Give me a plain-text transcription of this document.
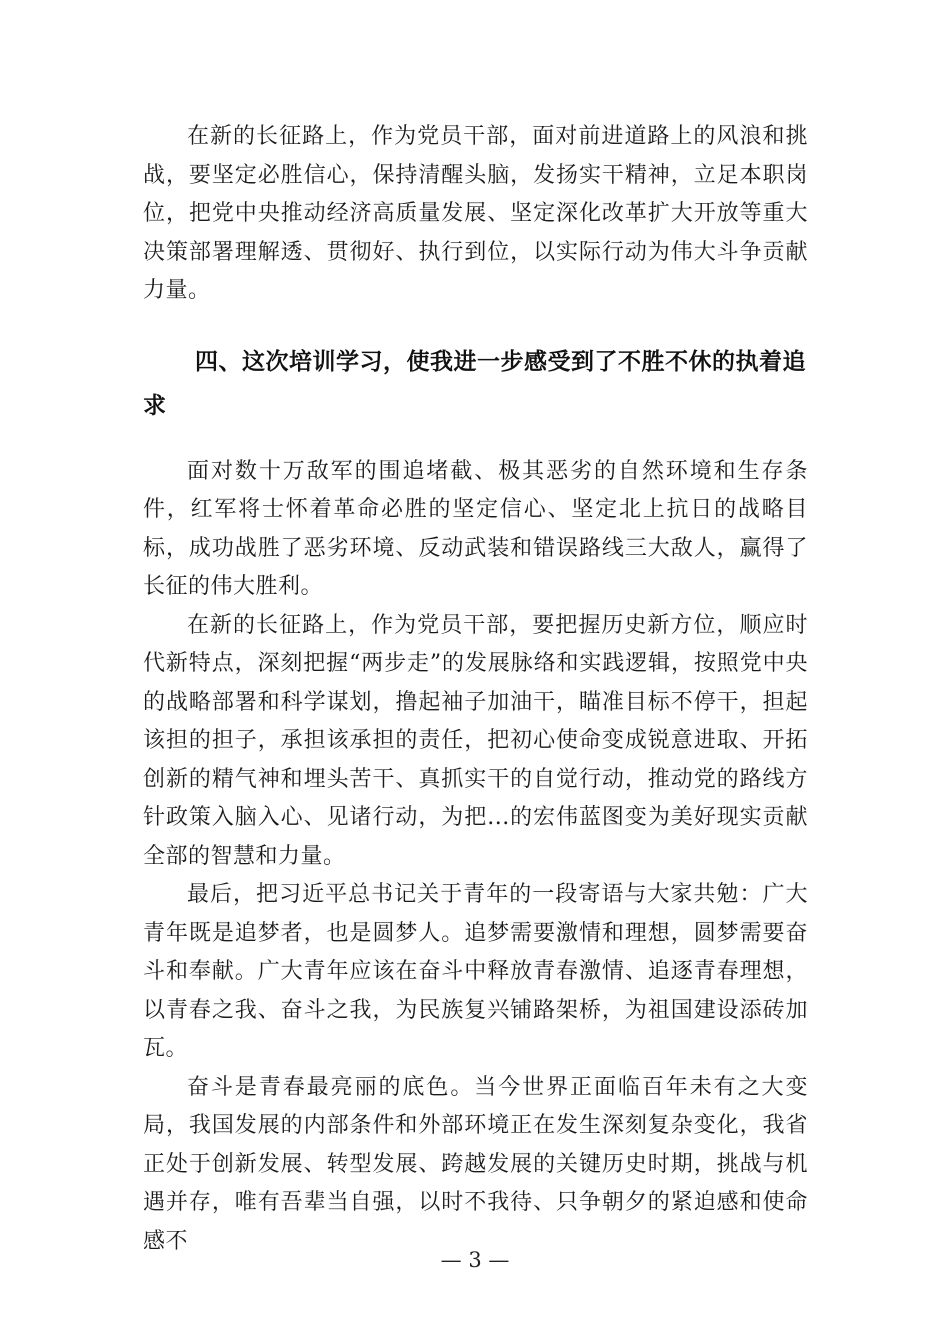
在新的长征路上，作为党员干部，面对前进道路上的风浪和挑战，要坚定必胜信心，保持清醒头脑，发扬实干精神，立足本职岗位，把党中央推动经济高质量发展、坚定深化改革扩大开放等重大决策部署理解透、贯彻好、执行到位，以实际行动为伟大斗争贡献力量。

四、这次培训学习，使我进一步感受到了不胜不休的执着追求

面对数十万敌军的围追堵截、极其恶劣的自然环境和生存条件，红军将士怀着革命必胜的坚定信心、坚定北上抗日的战略目标，成功战胜了恶劣环境、反动武装和错误路线三大敌人，赢得了长征的伟大胜利。

在新的长征路上，作为党员干部，要把握历史新方位，顺应时代新特点，深刻把握“两步走”的发展脉络和实践逻辑，按照党中央的战略部署和科学谋划，撸起袖子加油干，瞄准目标不停干，担起该担的担子，承担该承担的责任，把初心使命变成锐意进取、开拓创新的精气神和埋头苦干、真抓实干的自觉行动，推动党的路线方针政策入脑入心、见诸行动，为把...的宏伟蓝图变为美好现实贡献全部的智慧和力量。

最后，把习近平总书记关于青年的一段寄语与大家共勉：广大青年既是追梦者，也是圆梦人。追梦需要激情和理想，圆梦需要奋斗和奉献。广大青年应该在奋斗中释放青春激情、追逐青春理想，以青春之我、奋斗之我，为民族复兴铺路架桥，为祖国建设添砖加瓦。

奋斗是青春最亮丽的底色。当今世界正面临百年未有之大变局，我国发展的内部条件和外部环境正在发生深刻复杂变化，我省正处于创新发展、转型发展、跨越发展的关键历史时期，挑战与机遇并存，唯有吾辈当自强，以时不我待、只争朝夕的紧迫感和使命感不

— 3 —
